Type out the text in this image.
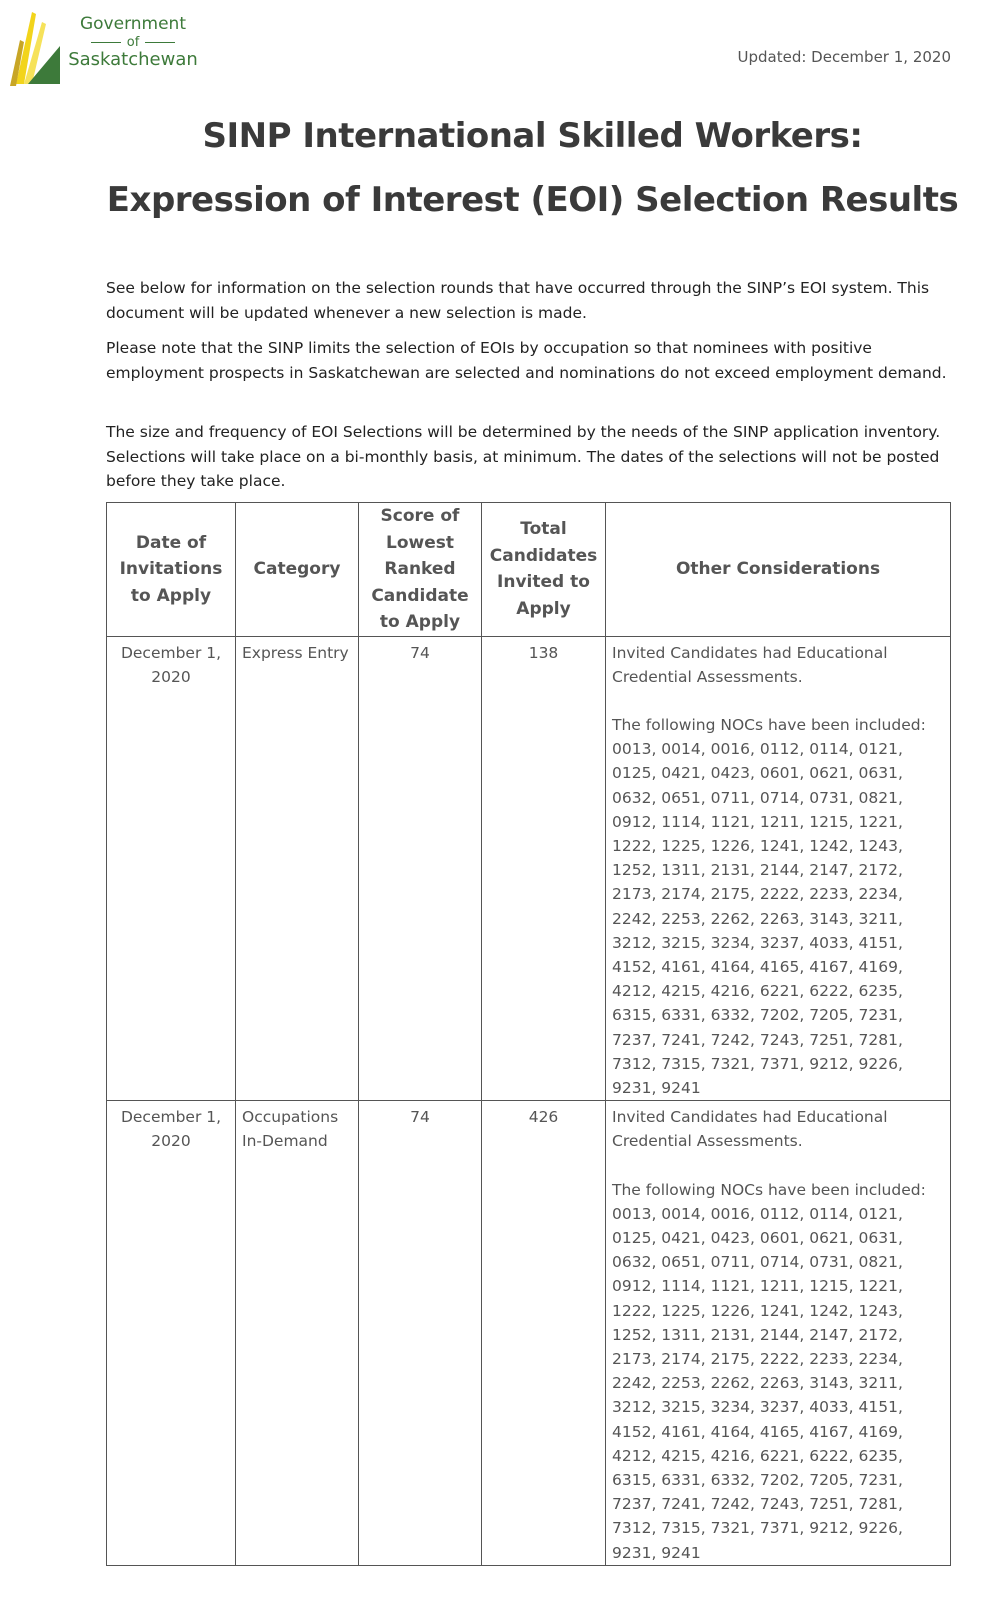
Government
of
Saskatchewan	Updated: December 1, 2020
SINP International Skilled Workers:
Expression of Interest (EOI) Selection Results

See below for information on the selection rounds that have occurred through the SINP’s EOI system. This document will be updated whenever a new selection is made.

Please note that the SINP limits the selection of EOIs by occupation so that nominees with positive employment prospects in Saskatchewan are selected and nominations do not exceed employment demand.

The size and frequency of EOI Selections will be determined by the needs of the SINP application inventory. Selections will take place on a bi-monthly basis, at minimum. The dates of the selections will not be posted before they take place.

Date of Invitations to Apply	Category	Score of Lowest Ranked Candidate to Apply	Total Candidates Invited to Apply	Other Considerations
December 1, 2020	Express Entry	74	138	Invited Candidates had Educational Credential Assessments.
The following NOCs have been included:
0013, 0014, 0016, 0112, 0114, 0121, 0125, 0421, 0423, 0601, 0621, 0631, 0632, 0651, 0711, 0714, 0731, 0821, 0912, 1114, 1121, 1211, 1215, 1221, 1222, 1225, 1226, 1241, 1242, 1243, 1252, 1311, 2131, 2144, 2147, 2172, 2173, 2174, 2175, 2222, 2233, 2234, 2242, 2253, 2262, 2263, 3143, 3211, 3212, 3215, 3234, 3237, 4033, 4151, 4152, 4161, 4164, 4165, 4167, 4169, 4212, 4215, 4216, 6221, 6222, 6235, 6315, 6331, 6332, 7202, 7205, 7231, 7237, 7241, 7242, 7243, 7251, 7281, 7312, 7315, 7321, 7371, 9212, 9226, 9231, 9241

December 1, 2020	Occupations In-Demand	74	426	Invited Candidates had Educational Credential Assessments.
The following NOCs have been included:
0013, 0014, 0016, 0112, 0114, 0121, 0125, 0421, 0423, 0601, 0621, 0631, 0632, 0651, 0711, 0714, 0731, 0821, 0912, 1114, 1121, 1211, 1215, 1221, 1222, 1225, 1226, 1241, 1242, 1243, 1252, 1311, 2131, 2144, 2147, 2172, 2173, 2174, 2175, 2222, 2233, 2234, 2242, 2253, 2262, 2263, 3143, 3211, 3212, 3215, 3234, 3237, 4033, 4151, 4152, 4161, 4164, 4165, 4167, 4169, 4212, 4215, 4216, 6221, 6222, 6235, 6315, 6331, 6332, 7202, 7205, 7231, 7237, 7241, 7242, 7243, 7251, 7281, 7312, 7315, 7321, 7371, 9212, 9226, 9231, 9241
